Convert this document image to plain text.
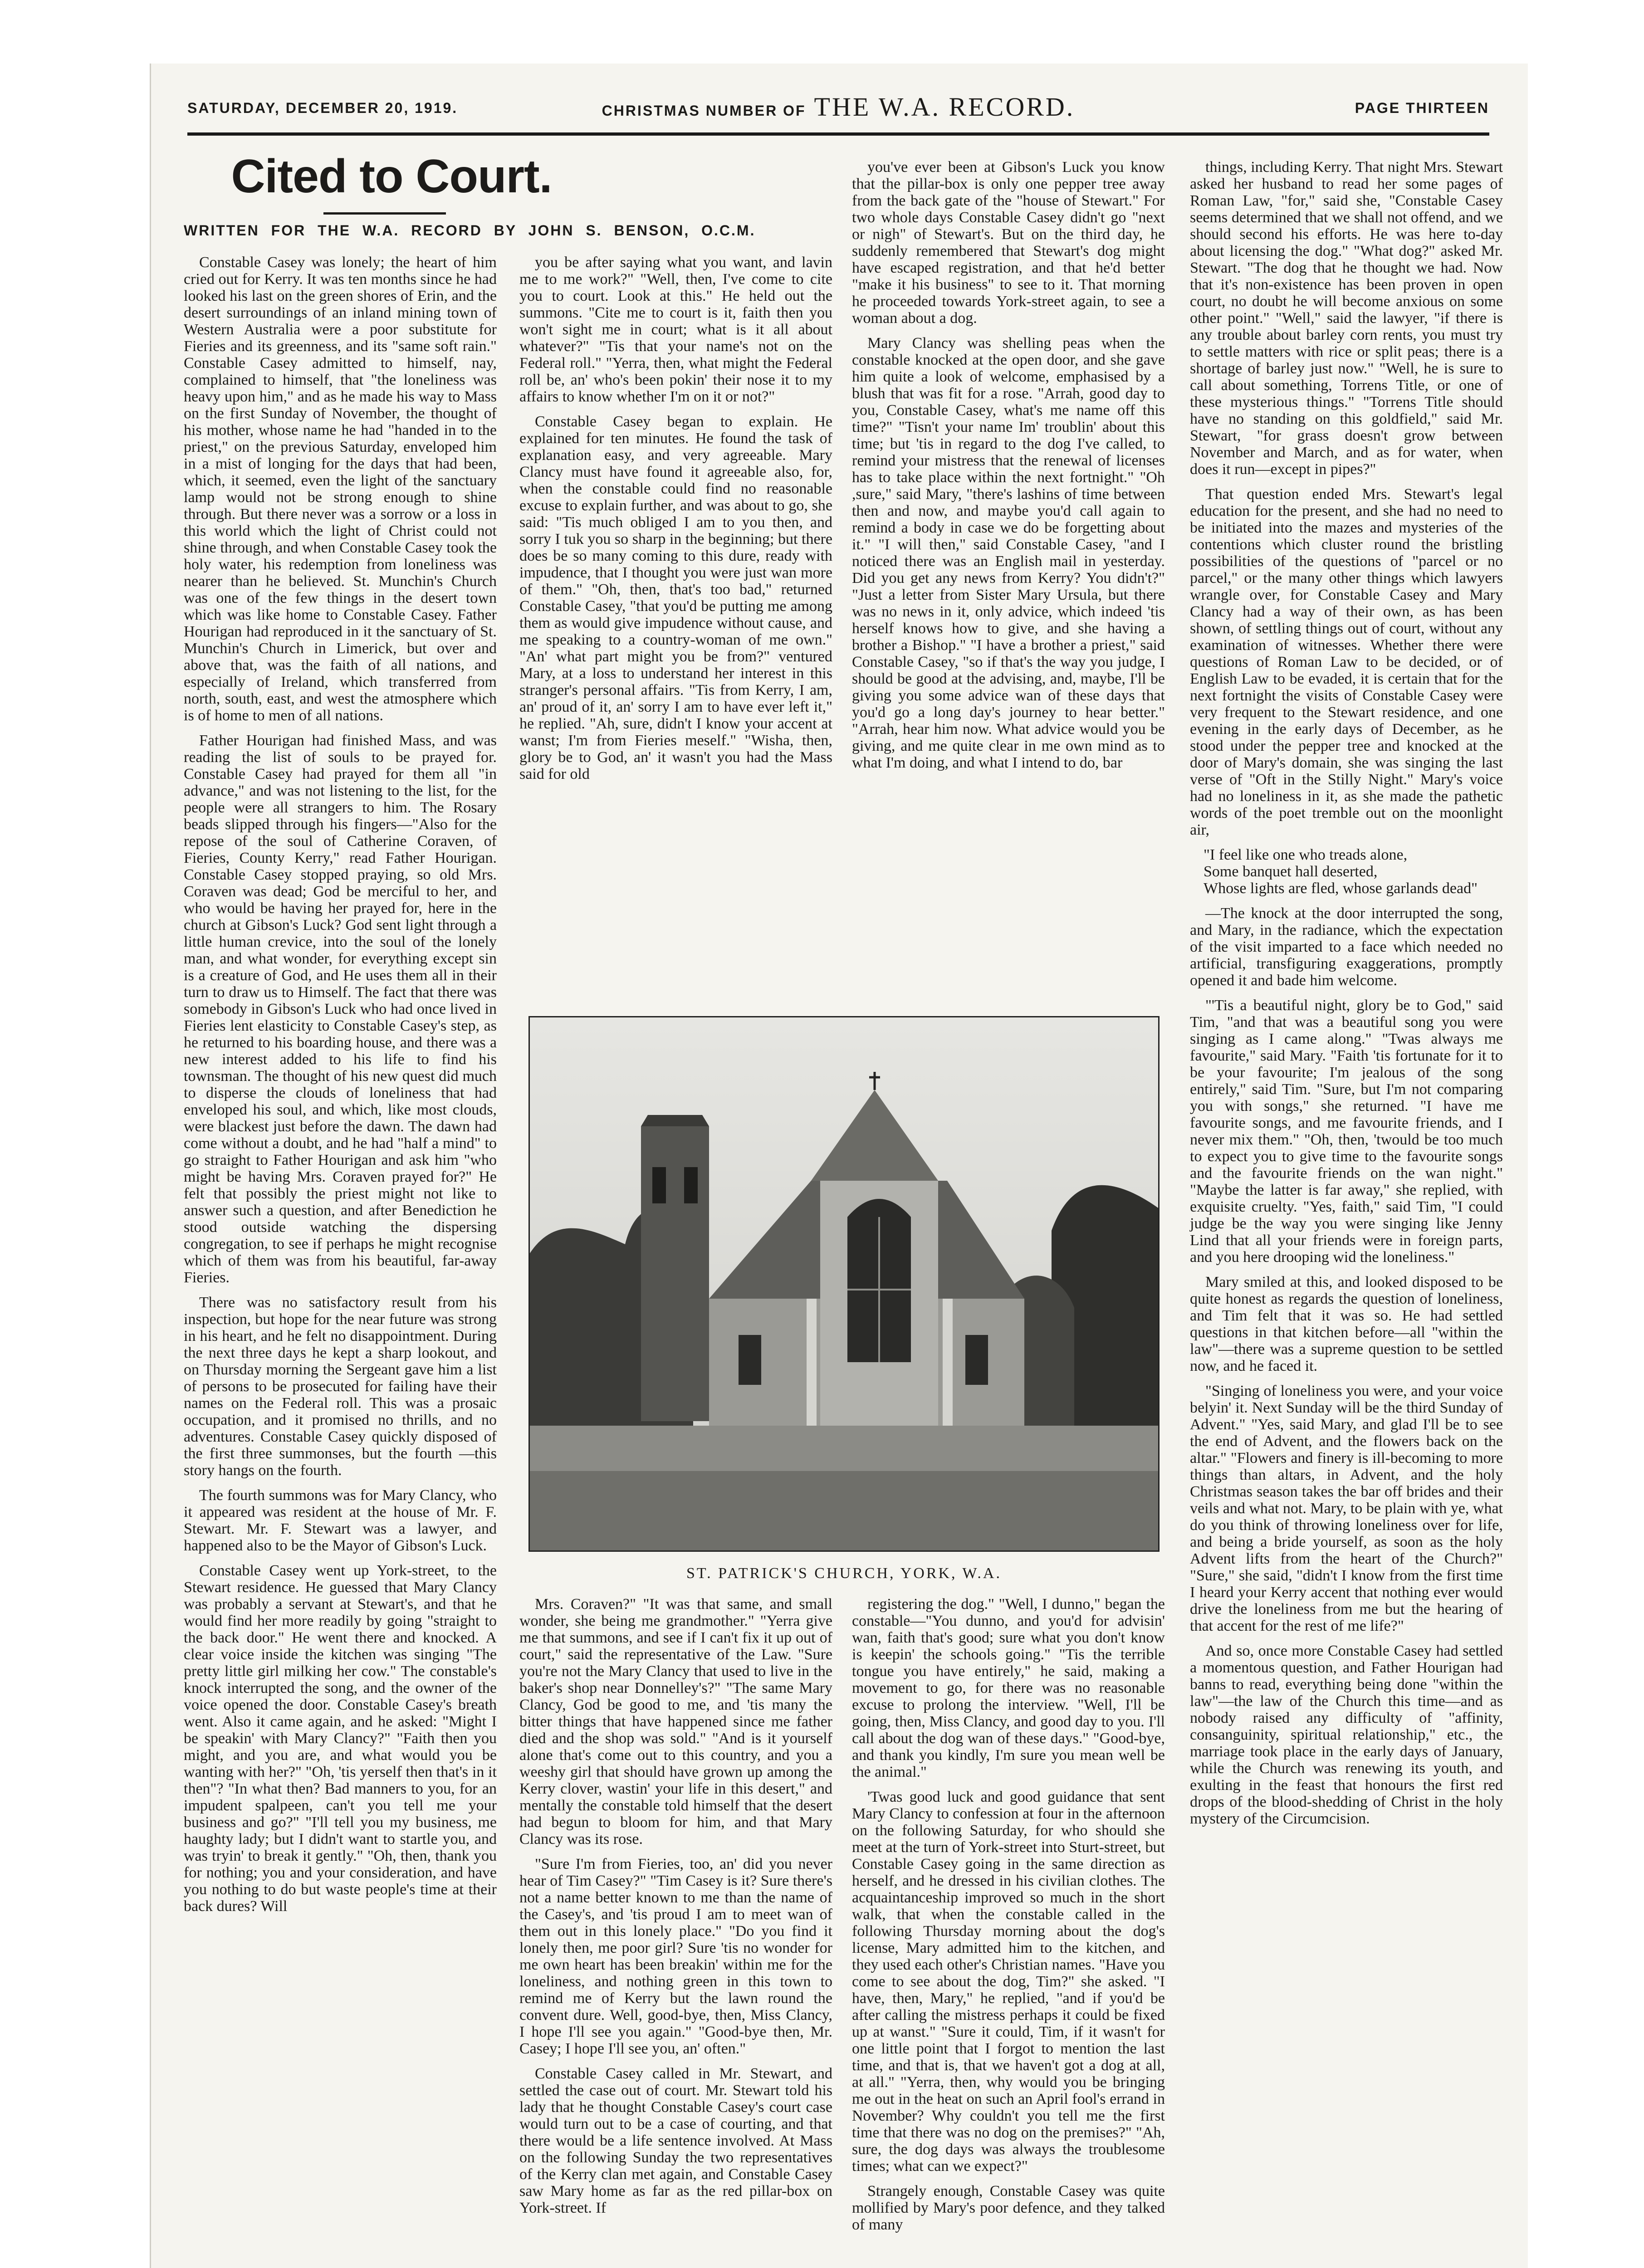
SATURDAY, DECEMBER 20, 1919.	CHRISTMAS NUMBER OF THE W.A. RECORD.	PAGE THIRTEEN
Cited to Court.
WRITTEN FOR THE W.A. RECORD BY JOHN S. BENSON, O.C.M.

Constable Casey was lonely; the heart of him cried out for Kerry. It was ten months since he had looked his last on the green shores of Erin, and the desert surroundings of an inland mining town of Western Australia were a poor substitute for Fieries and its greenness, and its "same soft rain." Constable Casey admitted to himself, nay, complained to himself, that "the loneliness was heavy upon him," and as he made his way to Mass on the first Sunday of November, the thought of his mother, whose name he had "handed in to the priest," on the previous Saturday, enveloped him in a mist of longing for the days that had been, which, it seemed, even the light of the sanctuary lamp would not be strong enough to shine through. But there never was a sorrow or a loss in this world which the light of Christ could not shine through, and when Constable Casey took the holy water, his redemption from loneliness was nearer than he believed. St. Munchin's Church was one of the few things in the desert town which was like home to Constable Casey. Father Hourigan had reproduced in it the sanctuary of St. Munchin's Church in Limerick, but over and above that, was the faith of all nations, and especially of Ireland, which transferred from north, south, east, and west the atmosphere which is of home to men of all nations.

Father Hourigan had finished Mass, and was reading the list of souls to be prayed for. Constable Casey had prayed for them all "in advance," and was not listening to the list, for the people were all strangers to him. The Rosary beads slipped through his fingers—"Also for the repose of the soul of Catherine Coraven, of Fieries, County Kerry," read Father Hourigan. Constable Casey stopped praying, so old Mrs. Coraven was dead; God be merciful to her, and who would be having her prayed for, here in the church at Gibson's Luck? God sent light through a little human crevice, into the soul of the lonely man, and what wonder, for everything except sin is a creature of God, and He uses them all in their turn to draw us to Himself. The fact that there was somebody in Gibson's Luck who had once lived in Fieries lent elasticity to Constable Casey's step, as he returned to his boarding house, and there was a new interest added to his life to find his townsman. The thought of his new quest did much to disperse the clouds of loneliness that had enveloped his soul, and which, like most clouds, were blackest just before the dawn. The dawn had come without a doubt, and he had "half a mind" to go straight to Father Hourigan and ask him "who might be having Mrs. Coraven prayed for?" He felt that possibly the priest might not like to answer such a question, and after Benediction he stood outside watching the dispersing congregation, to see if perhaps he might recognise which of them was from his beautiful, far-away Fieries.

There was no satisfactory result from his inspection, but hope for the near future was strong in his heart, and he felt no disappointment. During the next three days he kept a sharp lookout, and on Thursday morning the Sergeant gave him a list of persons to be prosecuted for failing have their names on the Federal roll. This was a prosaic occupation, and it promised no thrills, and no adventures. Constable Casey quickly disposed of the first three summonses, but the fourth —this story hangs on the fourth.

The fourth summons was for Mary Clancy, who it appeared was resident at the house of Mr. F. Stewart. Mr. F. Stewart was a lawyer, and happened also to be the Mayor of Gibson's Luck.

Constable Casey went up York-street, to the Stewart residence. He guessed that Mary Clancy was probably a servant at Stewart's, and that he would find her more readily by going "straight to the back door." He went there and knocked. A clear voice inside the kitchen was singing "The pretty little girl milking her cow." The constable's knock interrupted the song, and the owner of the voice opened the door. Constable Casey's breath went. Also it came again, and he asked: "Might I be speakin' with Mary Clancy?" "Faith then you might, and you are, and what would you be wanting with her?" "Oh, 'tis yerself then that's in it then"? "In what then? Bad manners to you, for an impudent spalpeen, can't you tell me your business and go?" "I'll tell you my business, me haughty lady; but I didn't want to startle you, and was tryin' to break it gently." "Oh, then, thank you for nothing; you and your consideration, and have you nothing to do but waste people's time at their back dures? Will

you be after saying what you want, and lavin me to me work?" "Well, then, I've come to cite you to court. Look at this." He held out the summons. "Cite me to court is it, faith then you won't sight me in court; what is it all about whatever?" "Tis that your name's not on the Federal roll." "Yerra, then, what might the Federal roll be, an' who's been pokin' their nose it to my affairs to know whether I'm on it or not?"

Constable Casey began to explain. He explained for ten minutes. He found the task of explanation easy, and very agreeable. Mary Clancy must have found it agreeable also, for, when the constable could find no reasonable excuse to explain further, and was about to go, she said: "Tis much obliged I am to you then, and sorry I tuk you so sharp in the beginning; but there does be so many coming to this dure, ready with impudence, that I thought you were just wan more of them." "Oh, then, that's too bad," returned Constable Casey, "that you'd be putting me among them as would give impudence without cause, and me speaking to a country-woman of me own." "An' what part might you be from?" ventured Mary, at a loss to understand her interest in this stranger's personal affairs. "Tis from Kerry, I am, an' proud of it, an' sorry I am to have ever left it," he replied. "Ah, sure, didn't I know your accent at wanst; I'm from Fieries meself." "Wisha, then, glory be to God, an' it wasn't you had the Mass said for old

you've ever been at Gibson's Luck you know that the pillar-box is only one pepper tree away from the back gate of the "house of Stewart." For two whole days Constable Casey didn't go "next or nigh" of Stewart's. But on the third day, he suddenly remembered that Stewart's dog might have escaped registration, and that he'd better "make it his business" to see to it. That morning he proceeded towards York-street again, to see a woman about a dog.

Mary Clancy was shelling peas when the constable knocked at the open door, and she gave him quite a look of welcome, emphasised by a blush that was fit for a rose. "Arrah, good day to you, Constable Casey, what's me name off this time?" "Tisn't your name Im' troublin' about this time; but 'tis in regard to the dog I've called, to remind your mistress that the renewal of licenses has to take place within the next fortnight." "Oh ,sure," said Mary, "there's lashins of time between then and now, and maybe you'd call again to remind a body in case we do be forgetting about it." "I will then," said Constable Casey, "and I noticed there was an English mail in yesterday. Did you get any news from Kerry? You didn't?" "Just a letter from Sister Mary Ursula, but there was no news in it, only advice, which indeed 'tis herself knows how to give, and she having a brother a Bishop." "I have a brother a priest," said Constable Casey, "so if that's the way you judge, I should be good at the advising, and, maybe, I'll be giving you some advice wan of these days that you'd go a long day's journey to hear better." "Arrah, hear him now. What advice would you be giving, and me quite clear in me own mind as to what I'm doing, and what I intend to do, bar

things, including Kerry. That night Mrs. Stewart asked her husband to read her some pages of Roman Law, "for," said she, "Constable Casey seems determined that we shall not offend, and we should second his efforts. He was here to-day about licensing the dog." "What dog?" asked Mr. Stewart. "The dog that he thought we had. Now that it's non-existence has been proven in open court, no doubt he will become anxious on some other point." "Well," said the lawyer, "if there is any trouble about barley corn rents, you must try to settle matters with rice or split peas; there is a shortage of barley just now." "Well, he is sure to call about something, Torrens Title, or one of these mysterious things." "Torrens Title should have no standing on this goldfield," said Mr. Stewart, "for grass doesn't grow between November and March, and as for water, when does it run—except in pipes?"

That question ended Mrs. Stewart's legal education for the present, and she had no need to be initiated into the mazes and mysteries of the contentions which cluster round the bristling possibilities of the questions of "parcel or no parcel," or the many other things which lawyers wrangle over, for Constable Casey and Mary Clancy had a way of their own, as has been shown, of settling things out of court, without any examination of witnesses. Whether there were questions of Roman Law to be decided, or of English Law to be evaded, it is certain that for the next fortnight the visits of Constable Casey were very frequent to the Stewart residence, and one evening in the early days of December, as he stood under the pepper tree and knocked at the door of Mary's domain, she was singing the last verse of "Oft in the Stilly Night." Mary's voice had no loneliness in it, as she made the pathetic words of the poet tremble out on the moonlight air,

"I feel like one who treads alone,
Some banquet hall deserted,
Whose lights are fled, whose garlands dead"

—The knock at the door interrupted the song, and Mary, in the radiance, which the expectation of the visit imparted to a face which needed no artificial, transfiguring exaggerations, promptly opened it and bade him welcome.

"'Tis a beautiful night, glory be to God," said Tim, "and that was a beautiful song you were singing as I came along." "Twas always me favourite," said Mary. "Faith 'tis fortunate for it to be your favourite; I'm jealous of the song entirely," said Tim. "Sure, but I'm not comparing you with songs," she returned. "I have me favourite songs, and me favourite friends, and I never mix them." "Oh, then, 'twould be too much to expect you to give time to the favourite songs and the favourite friends on the wan night." "Maybe the latter is far away," she replied, with exquisite cruelty. "Yes, faith," said Tim, "I could judge be the way you were singing like Jenny Lind that all your friends were in foreign parts, and you here drooping wid the loneliness."

Mary smiled at this, and looked disposed to be quite honest as regards the question of loneliness, and Tim felt that it was so. He had settled questions in that kitchen before—all "within the law"—there was a supreme question to be settled now, and he faced it.

"Singing of loneliness you were, and your voice belyin' it. Next Sunday will be the third Sunday of Advent." "Yes, said Mary, and glad I'll be to see the end of Advent, and the flowers back on the altar." "Flowers and finery is ill-becoming to more things than altars, in Advent, and the holy Christmas season takes the bar off brides and their veils and what not. Mary, to be plain with ye, what do you think of throwing loneliness over for life, and being a bride yourself, as soon as the holy Advent lifts from the heart of the Church?" "Sure," she said, "didn't I know from the first time I heard your Kerry accent that nothing ever would drive the loneliness from me but the hearing of that accent for the rest of me life?"

And so, once more Constable Casey had settled a momentous question, and Father Hourigan had banns to read, everything being done "within the law"—the law of the Church this time—and as nobody raised any difficulty of "affinity, consanguinity, spiritual relationship," etc., the marriage took place in the early days of January, while the Church was renewing its youth, and exulting in the feast that honours the first red drops of the blood-shedding of Christ in the holy mystery of the Circumcision.

ST. PATRICK'S CHURCH, YORK, W.A.

Mrs. Coraven?" "It was that same, and small wonder, she being me grandmother." "Yerra give me that summons, and see if I can't fix it up out of court," said the representative of the Law. "Sure you're not the Mary Clancy that used to live in the baker's shop near Donnelley's?" "The same Mary Clancy, God be good to me, and 'tis many the bitter things that have happened since me father died and the shop was sold." "And is it yourself alone that's come out to this country, and you a weeshy girl that should have grown up among the Kerry clover, wastin' your life in this desert," and mentally the constable told himself that the desert had begun to bloom for him, and that Mary Clancy was its rose.

"Sure I'm from Fieries, too, an' did you never hear of Tim Casey?" "Tim Casey is it? Sure there's not a name better known to me than the name of the Casey's, and 'tis proud I am to meet wan of them out in this lonely place." "Do you find it lonely then, me poor girl? Sure 'tis no wonder for me own heart has been breakin' within me for the loneliness, and nothing green in this town to remind me of Kerry but the lawn round the convent dure. Well, good-bye, then, Miss Clancy, I hope I'll see you again." "Good-bye then, Mr. Casey; I hope I'll see you, an' often."

Constable Casey called in Mr. Stewart, and settled the case out of court. Mr. Stewart told his lady that he thought Constable Casey's court case would turn out to be a case of courting, and that there would be a life sentence involved. At Mass on the following Sunday the two representatives of the Kerry clan met again, and Constable Casey saw Mary home as far as the red pillar-box on York-street. If

registering the dog." "Well, I dunno," began the constable—"You dunno, and you'd for advisin' wan, faith that's good; sure what you don't know is keepin' the schools going." "Tis the terrible tongue you have entirely," he said, making a movement to go, for there was no reasonable excuse to prolong the interview. "Well, I'll be going, then, Miss Clancy, and good day to you. I'll call about the dog wan of these days." "Good-bye, and thank you kindly, I'm sure you mean well be the animal."

'Twas good luck and good guidance that sent Mary Clancy to confession at four in the afternoon on the following Saturday, for who should she meet at the turn of York-street into Sturt-street, but Constable Casey going in the same direction as herself, and he dressed in his civilian clothes. The acquaintanceship improved so much in the short walk, that when the constable called in the following Thursday morning about the dog's license, Mary admitted him to the kitchen, and they used each other's Christian names. "Have you come to see about the dog, Tim?" she asked. "I have, then, Mary," he replied, "and if you'd be after calling the mistress perhaps it could be fixed up at wanst." "Sure it could, Tim, if it wasn't for one little point that I forgot to mention the last time, and that is, that we haven't got a dog at all, at all." "Yerra, then, why would you be bringing me out in the heat on such an April fool's errand in November? Why couldn't you tell me the first time that there was no dog on the premises?" "Ah, sure, the dog days was always the troublesome times; what can we expect?"

Strangely enough, Constable Casey was quite mollified by Mary's poor defence, and they talked of many
